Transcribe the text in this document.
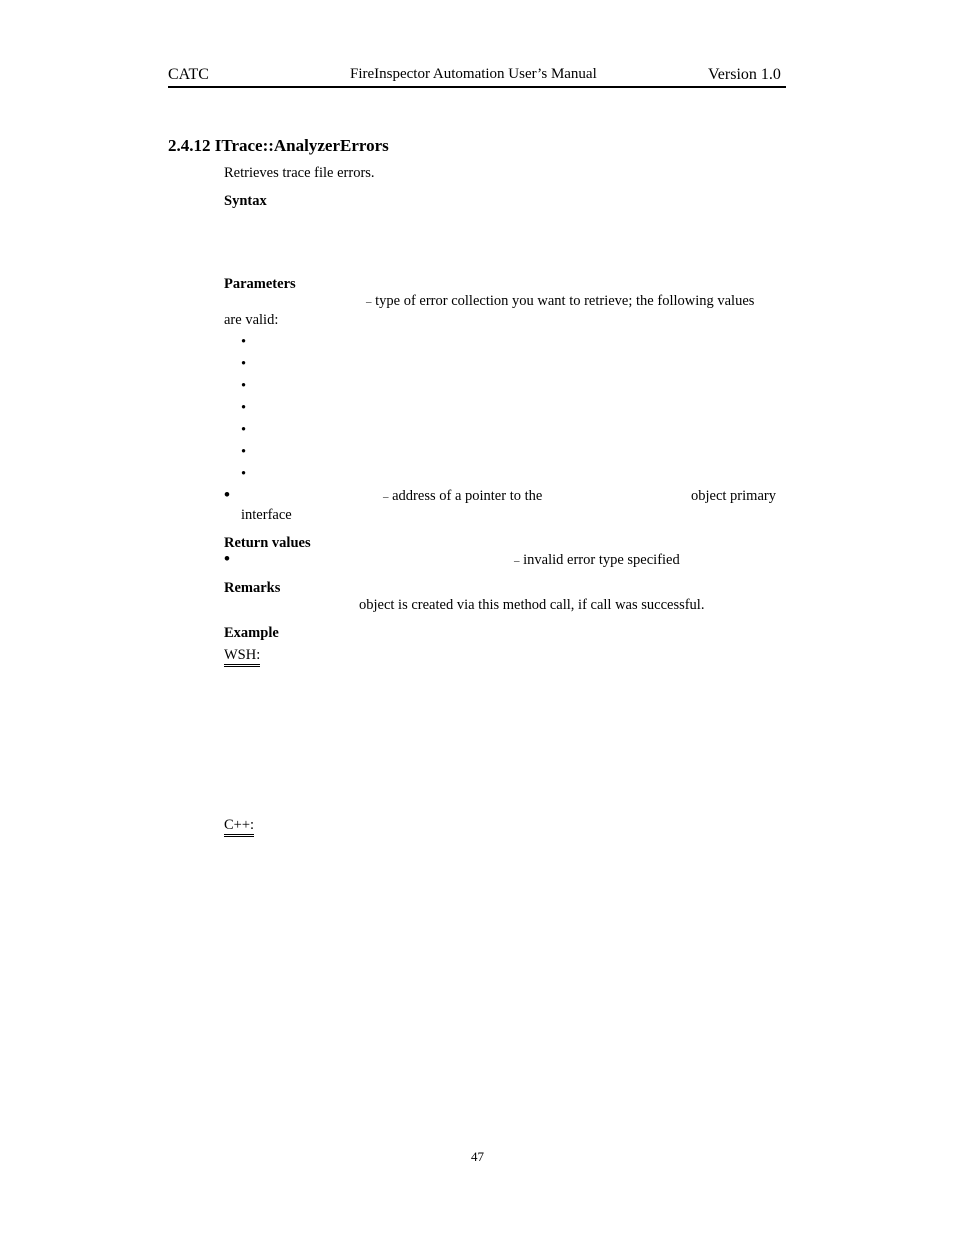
CATC	FireInspector Automation User’s Manual	Version 1.0
2.4.12 ITrace::AnalyzerErrors
Retrieves trace file errors.
Syntax
Parameters
– type of error collection you want to retrieve; the following values
are valid:
•
•
•
•
•
•
•
•	– address of a pointer to the	object primary
interface
Return values
•	– invalid error type specified
Remarks
object is created via this method call, if call was successful.
Example
WSH:
C++:
47
